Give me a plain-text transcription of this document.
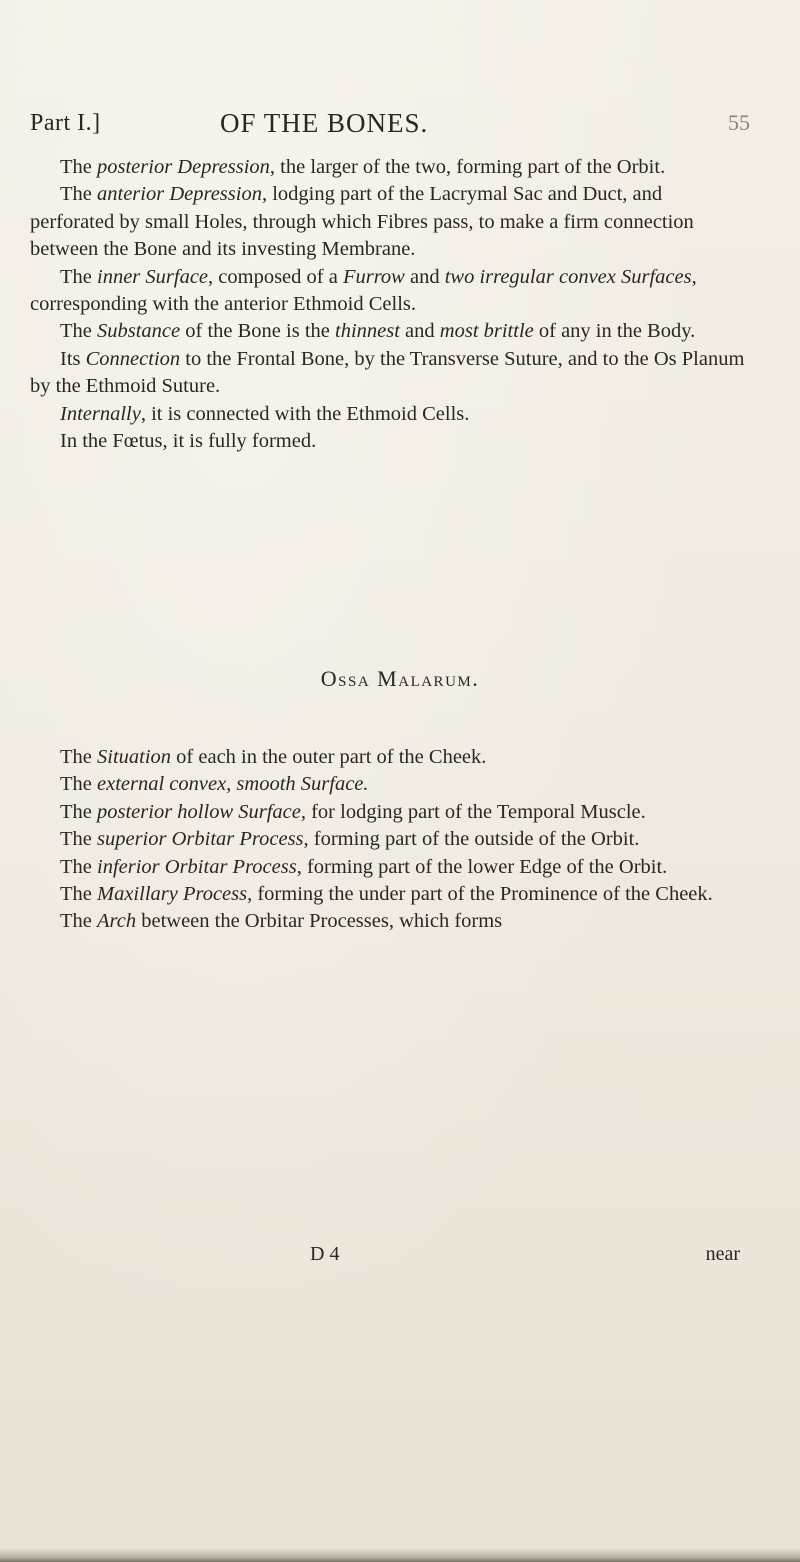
Part I.]	OF THE BONES.	55

The posterior Depression, the larger of the two, forming part of the Orbit.

The anterior Depression, lodging part of the Lacrymal Sac and Duct, and perforated by small Holes, through which Fibres pass, to make a firm connection between the Bone and its investing Membrane.

The inner Surface, composed of a Furrow and two irregular convex Surfaces, corresponding with the anterior Ethmoid Cells.

The Substance of the Bone is the thinnest and most brittle of any in the Body.

Its Connection to the Frontal Bone, by the Transverse Suture, and to the Os Planum by the Ethmoid Suture.

Internally, it is connected with the Ethmoid Cells.

In the Fœtus, it is fully formed.

Ossa Malarum.

The Situation of each in the outer part of the Cheek.

The external convex, smooth Surface.

The posterior hollow Surface, for lodging part of the Temporal Muscle.

The superior Orbitar Process, forming part of the outside of the Orbit.

The inferior Orbitar Process, forming part of the lower Edge of the Orbit.

The Maxillary Process, forming the under part of the Prominence of the Cheek.

The Arch between the Orbitar Processes, which forms

D 4	near
